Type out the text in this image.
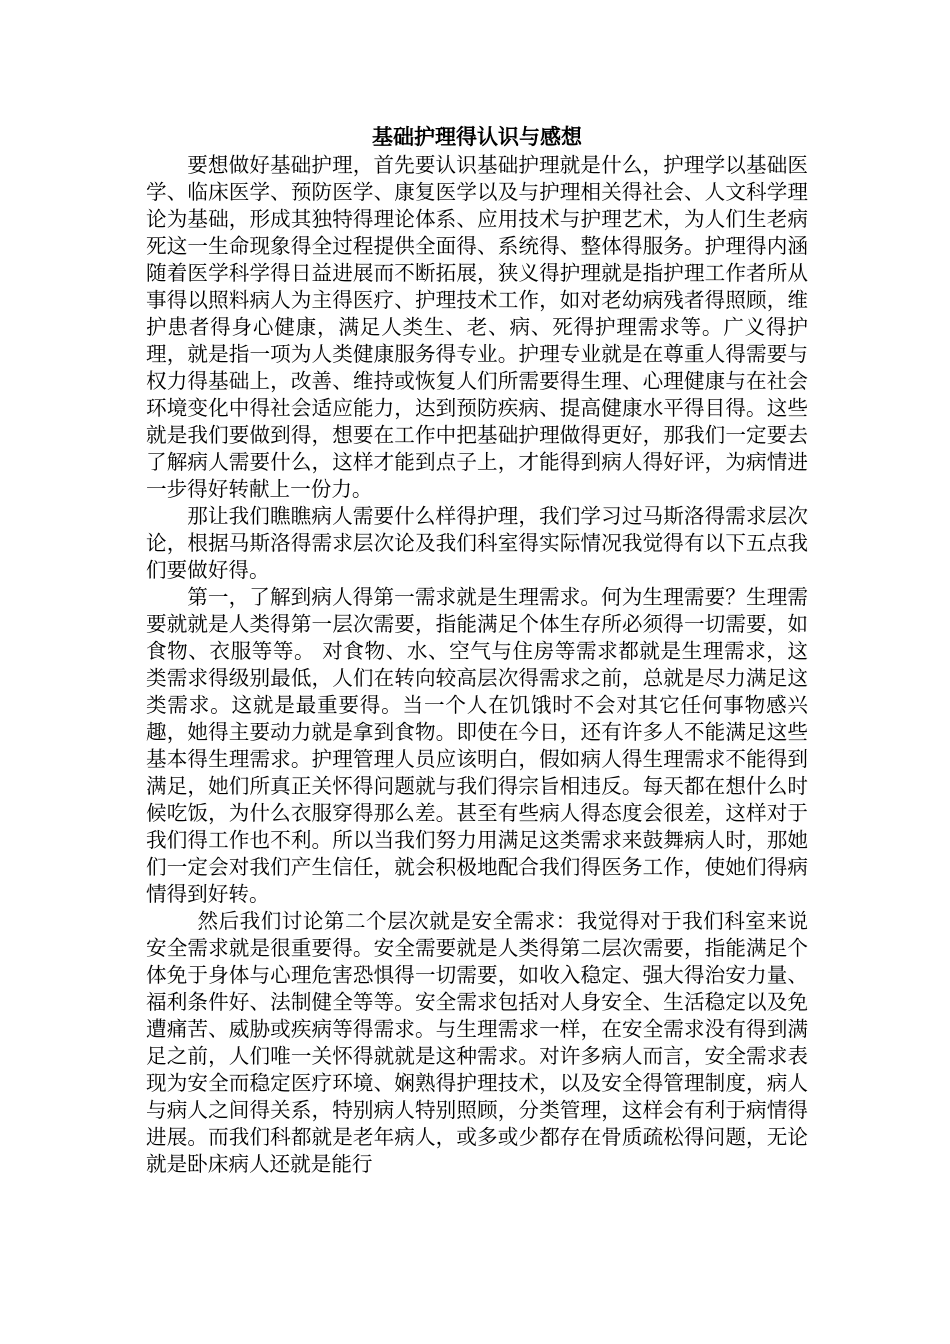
基础护理得认识与感想

要想做好基础护理，首先要认识基础护理就是什么，护理学以基础医学、临床医学、预防医学、康复医学以及与护理相关得社会、人文科学理论为基础，形成其独特得理论体系、应用技术与护理艺术，为人们生老病死这一生命现象得全过程提供全面得、系统得、整体得服务。护理得内涵随着医学科学得日益进展而不断拓展，狭义得护理就是指护理工作者所从事得以照料病人为主得医疗、护理技术工作，如对老幼病残者得照顾，维护患者得身心健康，满足人类生、老、病、死得护理需求等。广义得护理，就是指一项为人类健康服务得专业。护理专业就是在尊重人得需要与权力得基础上，改善、维持或恢复人们所需要得生理、心理健康与在社会环境变化中得社会适应能力，达到预防疾病、提高健康水平得目得。这些就是我们要做到得，想要在工作中把基础护理做得更好，那我们一定要去了解病人需要什么，这样才能到点子上，才能得到病人得好评，为病情进一步得好转献上一份力。

那让我们瞧瞧病人需要什么样得护理，我们学习过马斯洛得需求层次论，根据马斯洛得需求层次论及我们科室得实际情况我觉得有以下五点我们要做好得。

第一，了解到病人得第一需求就是生理需求。何为生理需要？生理需要就就是人类得第一层次需要，指能满足个体生存所必须得一切需要，如食物、衣服等等。 对食物、水、空气与住房等需求都就是生理需求，这类需求得级别最低，人们在转向较高层次得需求之前，总就是尽力满足这类需求。这就是最重要得。当一个人在饥饿时不会对其它任何事物感兴趣，她得主要动力就是拿到食物。即使在今日，还有许多人不能满足这些基本得生理需求。护理管理人员应该明白，假如病人得生理需求不能得到满足，她们所真正关怀得问题就与我们得宗旨相违反。每天都在想什么时候吃饭，为什么衣服穿得那么差。甚至有些病人得态度会很差，这样对于我们得工作也不利。所以当我们努力用满足这类需求来鼓舞病人时，那她们一定会对我们产生信任，就会积极地配合我们得医务工作，使她们得病情得到好转。

然后我们讨论第二个层次就是安全需求：我觉得对于我们科室来说安全需求就是很重要得。安全需要就是人类得第二层次需要，指能满足个体免于身体与心理危害恐惧得一切需要，如收入稳定、强大得治安力量、福利条件好、法制健全等等。安全需求包括对人身安全、生活稳定以及免遭痛苦、威胁或疾病等得需求。与生理需求一样，在安全需求没有得到满足之前，人们唯一关怀得就就是这种需求。对许多病人而言，安全需求表现为安全而稳定医疗环境、娴熟得护理技术，以及安全得管理制度，病人与病人之间得关系，特别病人特别照顾，分类管理，这样会有利于病情得进展。而我们科都就是老年病人，或多或少都存在骨质疏松得问题，无论就是卧床病人还就是能行
